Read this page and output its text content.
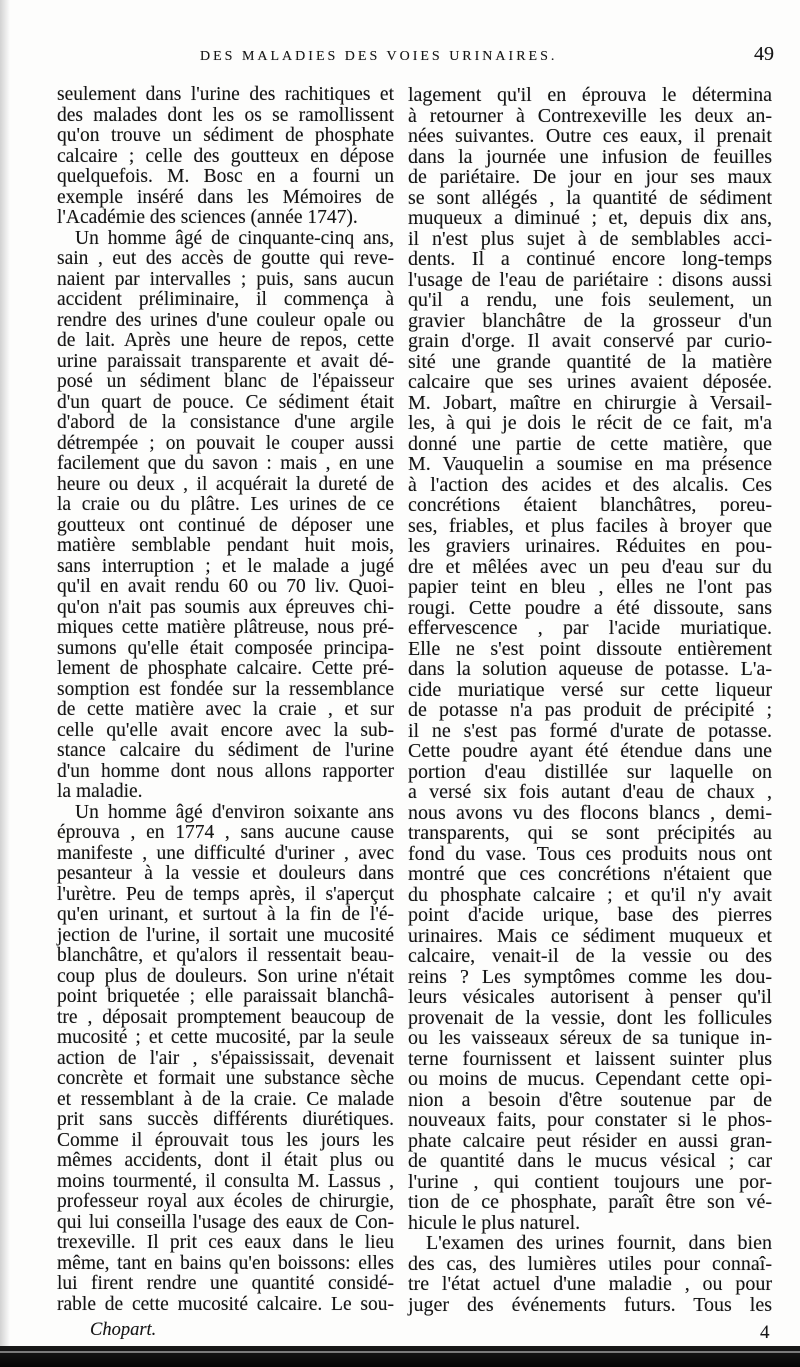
DES MALADIES DES VOIES URINAIRES.	49
seulement dans l'urine des rachitiques et
des malades dont les os se ramollissent
qu'on trouve un sédiment de phosphate
calcaire ; celle des goutteux en dépose
quelquefois. M. Bosc en a fourni un
exemple inséré dans les Mémoires de
l'Académie des sciences (année 1747).
Un homme âgé de cinquante-cinq ans,
sain , eut des accès de goutte qui reve-
naient par intervalles ; puis, sans aucun
accident préliminaire, il commença à
rendre des urines d'une couleur opale ou
de lait. Après une heure de repos, cette
urine paraissait transparente et avait dé-
posé un sédiment blanc de l'épaisseur
d'un quart de pouce. Ce sédiment était
d'abord de la consistance d'une argile
détrempée ; on pouvait le couper aussi
facilement que du savon : mais , en une
heure ou deux , il acquérait la dureté de
la craie ou du plâtre. Les urines de ce
goutteux ont continué de déposer une
matière semblable pendant huit mois,
sans interruption ; et le malade a jugé
qu'il en avait rendu 60 ou 70 liv. Quoi-
qu'on n'ait pas soumis aux épreuves chi-
miques cette matière plâtreuse, nous pré-
sumons qu'elle était composée principa-
lement de phosphate calcaire. Cette pré-
somption est fondée sur la ressemblance
de cette matière avec la craie , et sur
celle qu'elle avait encore avec la sub-
stance calcaire du sédiment de l'urine
d'un homme dont nous allons rapporter
la maladie.
Un homme âgé d'environ soixante ans
éprouva , en 1774 , sans aucune cause
manifeste , une difficulté d'uriner , avec
pesanteur à la vessie et douleurs dans
l'urètre. Peu de temps après, il s'aperçut
qu'en urinant, et surtout à la fin de l'é-
jection de l'urine, il sortait une mucosité
blanchâtre, et qu'alors il ressentait beau-
coup plus de douleurs. Son urine n'était
point briquetée ; elle paraissait blanchâ-
tre , déposait promptement beaucoup de
mucosité ; et cette mucosité, par la seule
action de l'air , s'épaississait, devenait
concrète et formait une substance sèche
et ressemblant à de la craie. Ce malade
prit sans succès différents diurétiques.
Comme il éprouvait tous les jours les
mêmes accidents, dont il était plus ou
moins tourmenté, il consulta M. Lassus ,
professeur royal aux écoles de chirurgie,
qui lui conseilla l'usage des eaux de Con-
trexeville. Il prit ces eaux dans le lieu
même, tant en bains qu'en boissons: elles
lui firent rendre une quantité considé-
rable de cette mucosité calcaire. Le sou-
lagement qu'il en éprouva le détermina
à retourner à Contrexeville les deux an-
nées suivantes. Outre ces eaux, il prenait
dans la journée une infusion de feuilles
de pariétaire. De jour en jour ses maux
se sont allégés , la quantité de sédiment
muqueux a diminué ; et, depuis dix ans,
il n'est plus sujet à de semblables acci-
dents. Il a continué encore long-temps
l'usage de l'eau de pariétaire : disons aussi
qu'il a rendu, une fois seulement, un
gravier blanchâtre de la grosseur d'un
grain d'orge. Il avait conservé par curio-
sité une grande quantité de la matière
calcaire que ses urines avaient déposée.
M. Jobart, maître en chirurgie à Versail-
les, à qui je dois le récit de ce fait, m'a
donné une partie de cette matière, que
M. Vauquelin a soumise en ma présence
à l'action des acides et des alcalis. Ces
concrétions étaient blanchâtres, poreu-
ses, friables, et plus faciles à broyer que
les graviers urinaires. Réduites en pou-
dre et mêlées avec un peu d'eau sur du
papier teint en bleu , elles ne l'ont pas
rougi. Cette poudre a été dissoute, sans
effervescence , par l'acide muriatique.
Elle ne s'est point dissoute entièrement
dans la solution aqueuse de potasse. L'a-
cide muriatique versé sur cette liqueur
de potasse n'a pas produit de précipité ;
il ne s'est pas formé d'urate de potasse.
Cette poudre ayant été étendue dans une
portion d'eau distillée sur laquelle on
a versé six fois autant d'eau de chaux ,
nous avons vu des flocons blancs , demi-
transparents, qui se sont précipités au
fond du vase. Tous ces produits nous ont
montré que ces concrétions n'étaient que
du phosphate calcaire ; et qu'il n'y avait
point d'acide urique, base des pierres
urinaires. Mais ce sédiment muqueux et
calcaire, venait-il de la vessie ou des
reins ? Les symptômes comme les dou-
leurs vésicales autorisent à penser qu'il
provenait de la vessie, dont les follicules
ou les vaisseaux séreux de sa tunique in-
terne fournissent et laissent suinter plus
ou moins de mucus. Cependant cette opi-
nion a besoin d'être soutenue par de
nouveaux faits, pour constater si le phos-
phate calcaire peut résider en aussi gran-
de quantité dans le mucus vésical ; car
l'urine , qui contient toujours une por-
tion de ce phosphate, paraît être son vé-
hicule le plus naturel.
L'examen des urines fournit, dans bien
des cas, des lumières utiles pour connaî-
tre l'état actuel d'une maladie , ou pour
juger des événements futurs. Tous les
Chopart.	4
